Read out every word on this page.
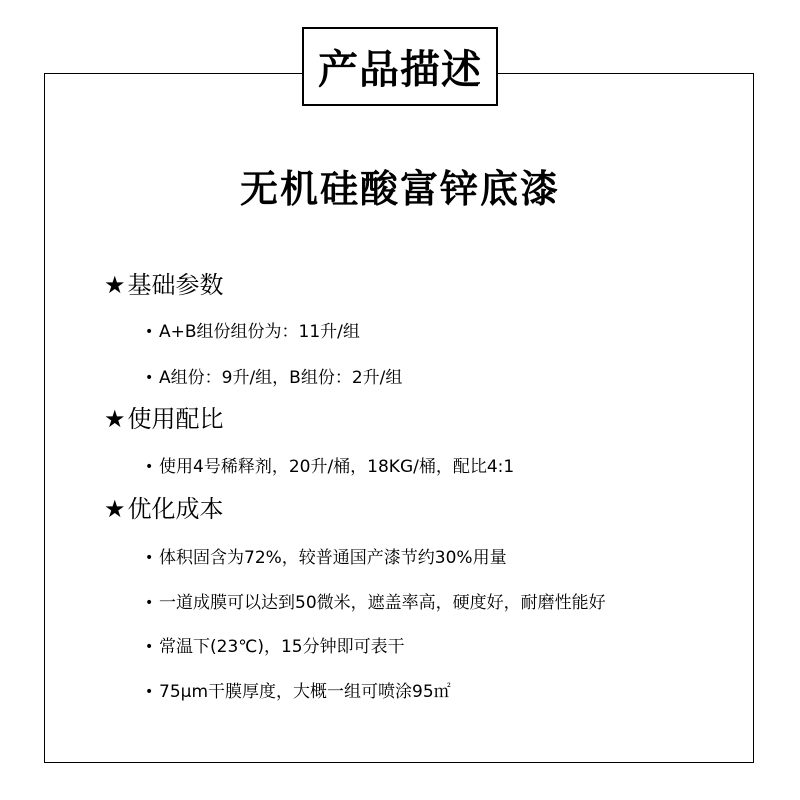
产品描述
无机硅酸富锌底漆
★ 基础参数
• A+B组份组份为：11升/组
• A组份：9升/组，B组份：2升/组
★ 使用配比
• 使用4号稀释剂，20升/桶，18KG/桶，配比4:1
★ 优化成本
• 体积固含为72%，较普通国产漆节约30%用量
• 一道成膜可以达到50微米，遮盖率高，硬度好，耐磨性能好
• 常温下(23℃)，15分钟即可表干
• 75μm干膜厚度，大概一组可喷涂95㎡
